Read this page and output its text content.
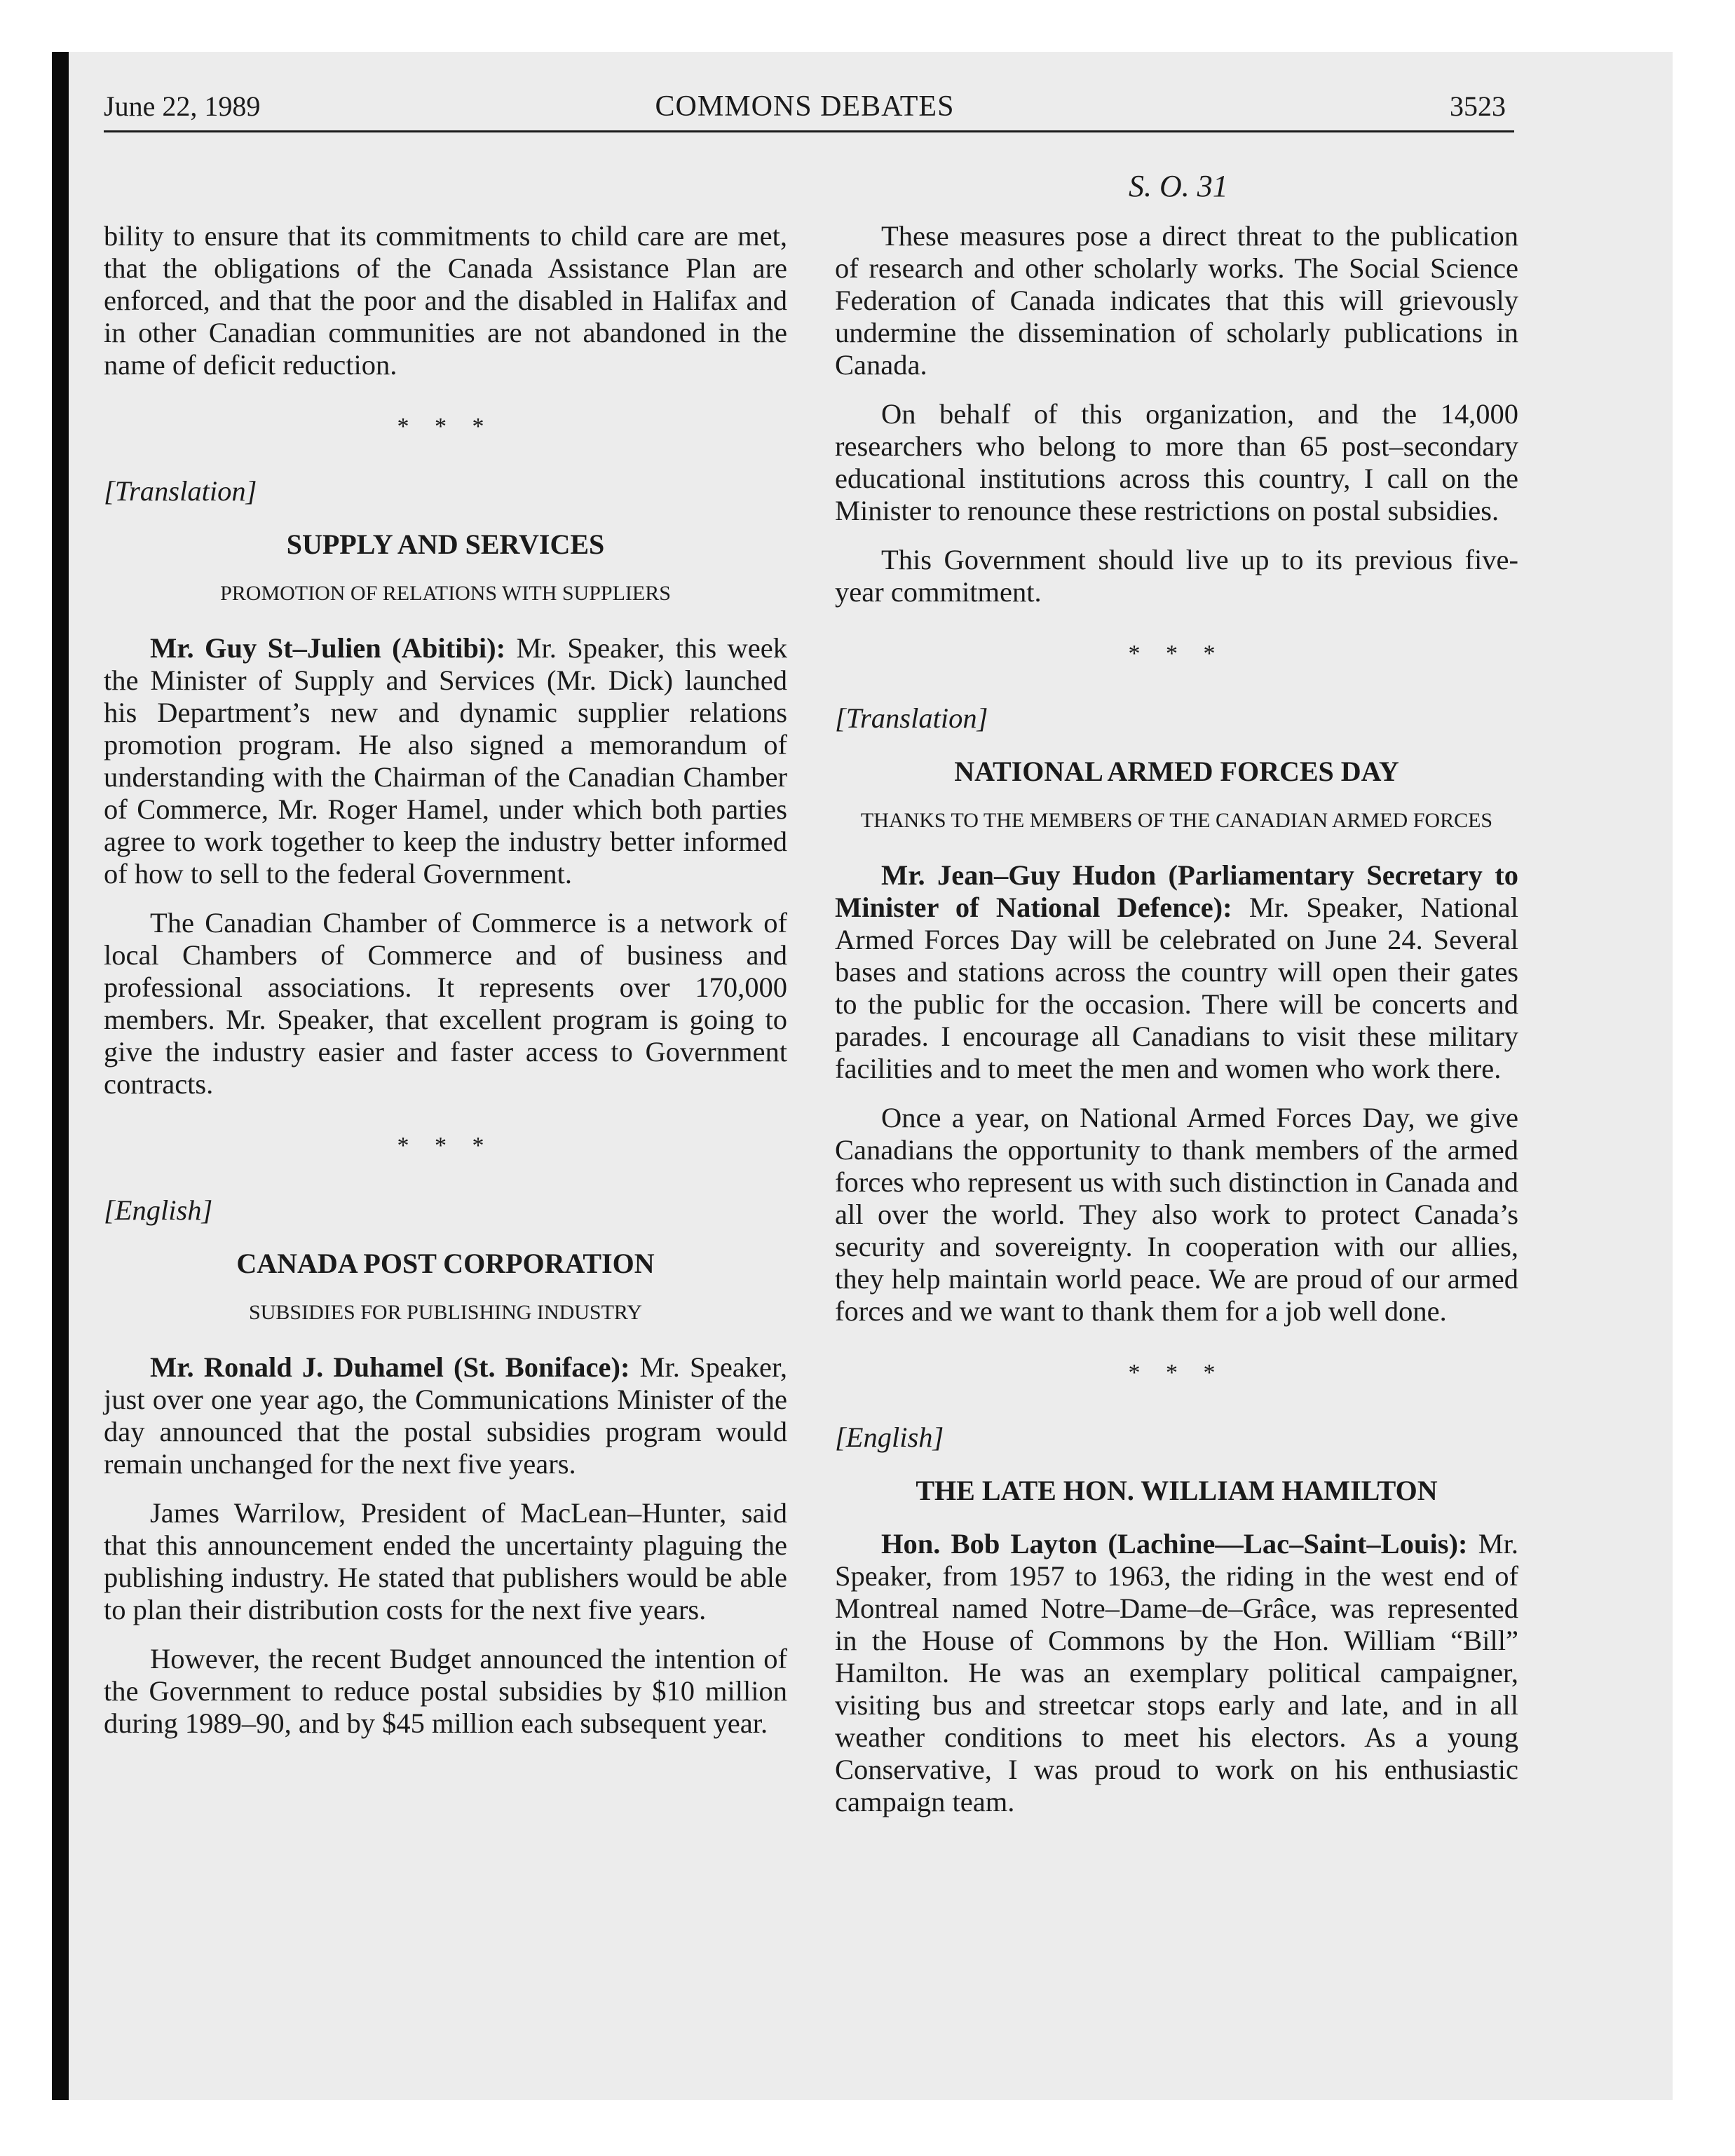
June 22, 1989	COMMONS DEBATES	3523
S. O. 31

bility to ensure that its commitments to child care are met, that the obligations of the Canada Assistance Plan are enforced, and that the poor and the disabled in Halifax and in other Canadian communities are not abandoned in the name of deficit reduction.

* * *
[Translation]
SUPPLY AND SERVICES
PROMOTION OF RELATIONS WITH SUPPLIERS

Mr. Guy St–Julien (Abitibi): Mr. Speaker, this week the Minister of Supply and Services (Mr. Dick) launched his Department’s new and dynamic supplier relations promotion program. He also signed a memorandum of understanding with the Chairman of the Canadian Chamber of Commerce, Mr. Roger Hamel, under which both parties agree to work together to keep the industry better informed of how to sell to the federal Government.

The Canadian Chamber of Commerce is a network of local Chambers of Commerce and of business and professional associations. It represents over 170,000 members. Mr. Speaker, that excellent program is going to give the industry easier and faster access to Government contracts.

* * *
[English]
CANADA POST CORPORATION
SUBSIDIES FOR PUBLISHING INDUSTRY

Mr. Ronald J. Duhamel (St. Boniface): Mr. Speaker, just over one year ago, the Communications Minister of the day announced that the postal subsidies program would remain unchanged for the next five years.

James Warrilow, President of MacLean–Hunter, said that this announcement ended the uncertainty plaguing the publishing industry. He stated that publishers would be able to plan their distribution costs for the next five years.

However, the recent Budget announced the intention of the Government to reduce postal subsidies by $10 million during 1989–90, and by $45 million each subsequent year.

These measures pose a direct threat to the publication of research and other scholarly works. The Social Science Federation of Canada indicates that this will grievously undermine the dissemination of scholarly publications in Canada.

On behalf of this organization, and the 14,000 researchers who belong to more than 65 post–secondary educational institutions across this country, I call on the Minister to renounce these restrictions on postal subsidies.

This Government should live up to its previous five-year commitment.

* * *
[Translation]
NATIONAL ARMED FORCES DAY
THANKS TO THE MEMBERS OF THE CANADIAN ARMED FORCES

Mr. Jean–Guy Hudon (Parliamentary Secretary to Minister of National Defence): Mr. Speaker, National Armed Forces Day will be celebrated on June 24. Several bases and stations across the country will open their gates to the public for the occasion. There will be concerts and parades. I encourage all Canadians to visit these military facilities and to meet the men and women who work there.

Once a year, on National Armed Forces Day, we give Canadians the opportunity to thank members of the armed forces who represent us with such distinction in Canada and all over the world. They also work to protect Canada’s security and sovereignty. In cooperation with our allies, they help maintain world peace. We are proud of our armed forces and we want to thank them for a job well done.

* * *
[English]
THE LATE HON. WILLIAM HAMILTON

Hon. Bob Layton (Lachine—Lac–Saint–Louis): Mr. Speaker, from 1957 to 1963, the riding in the west end of Montreal named Notre–Dame–de–Grâce, was represented in the House of Commons by the Hon. William “Bill” Hamilton. He was an exemplary political campaigner, visiting bus and streetcar stops early and late, and in all weather conditions to meet his electors. As a young Conservative, I was proud to work on his enthusiastic campaign team.
